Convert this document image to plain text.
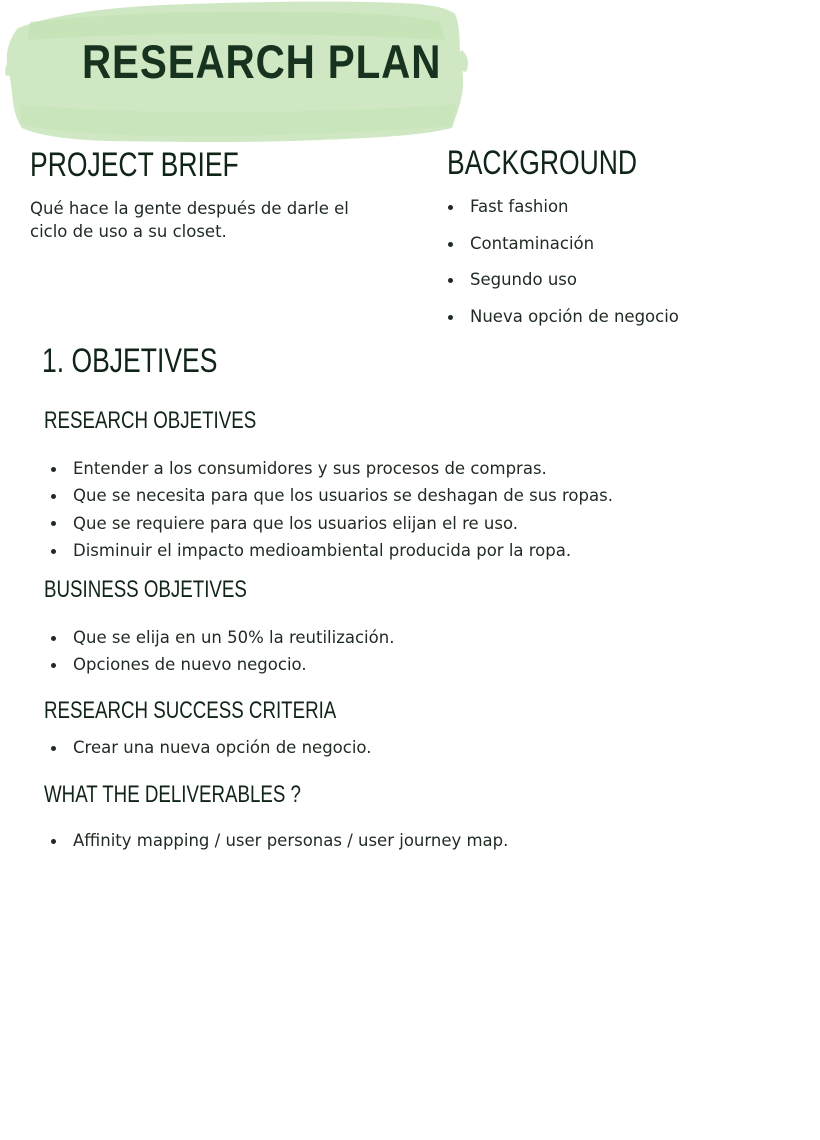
RESEARCH PLAN
PROJECT BRIEF

Qué hace la gente después de darle el ciclo de uso a su closet.

BACKGROUND
Fast fashion
Contaminación
Segundo uso
Nueva opción de negocio
1. OBJETIVES
RESEARCH OBJETIVES
Entender a los consumidores y sus procesos de compras.
Que se necesita para que los usuarios se deshagan de sus ropas.
Que se requiere para que los usuarios elijan el re uso.
Disminuir el impacto medioambiental producida por la ropa.
BUSINESS OBJETIVES
Que se elija en un 50% la reutilización.
Opciones de nuevo negocio.
RESEARCH SUCCESS CRITERIA
Crear una nueva opción de negocio.
WHAT THE DELIVERABLES ?
Affinity mapping / user personas / user journey map.
